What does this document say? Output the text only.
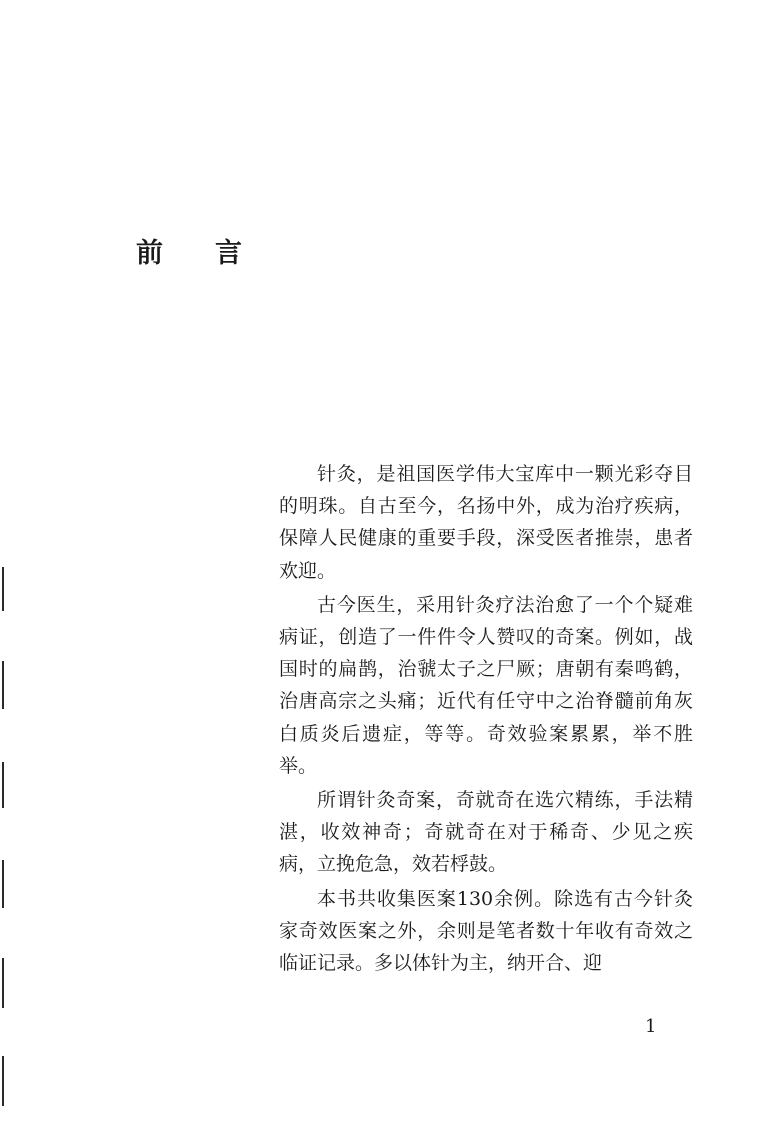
前言

针灸，是祖国医学伟大宝库中一颗光彩夺目的明珠。自古至今，名扬中外，成为治疗疾病，保障人民健康的重要手段，深受医者推崇，患者欢迎。

古今医生，采用针灸疗法治愈了一个个疑难病证，创造了一件件令人赞叹的奇案。例如，战国时的扁鹊，治虢太子之尸厥；唐朝有秦鸣鹤，治唐高宗之头痛；近代有任守中之治脊髓前角灰白质炎后遗症，等等。奇效验案累累，举不胜举。

所谓针灸奇案，奇就奇在选穴精练，手法精湛，收效神奇；奇就奇在对于稀奇、少见之疾病，立挽危急，效若桴鼓。

本书共收集医案130余例。除选有古今针灸家奇效医案之外，余则是笔者数十年收有奇效之临证记录。多以体针为主，纳开合、迎

1
